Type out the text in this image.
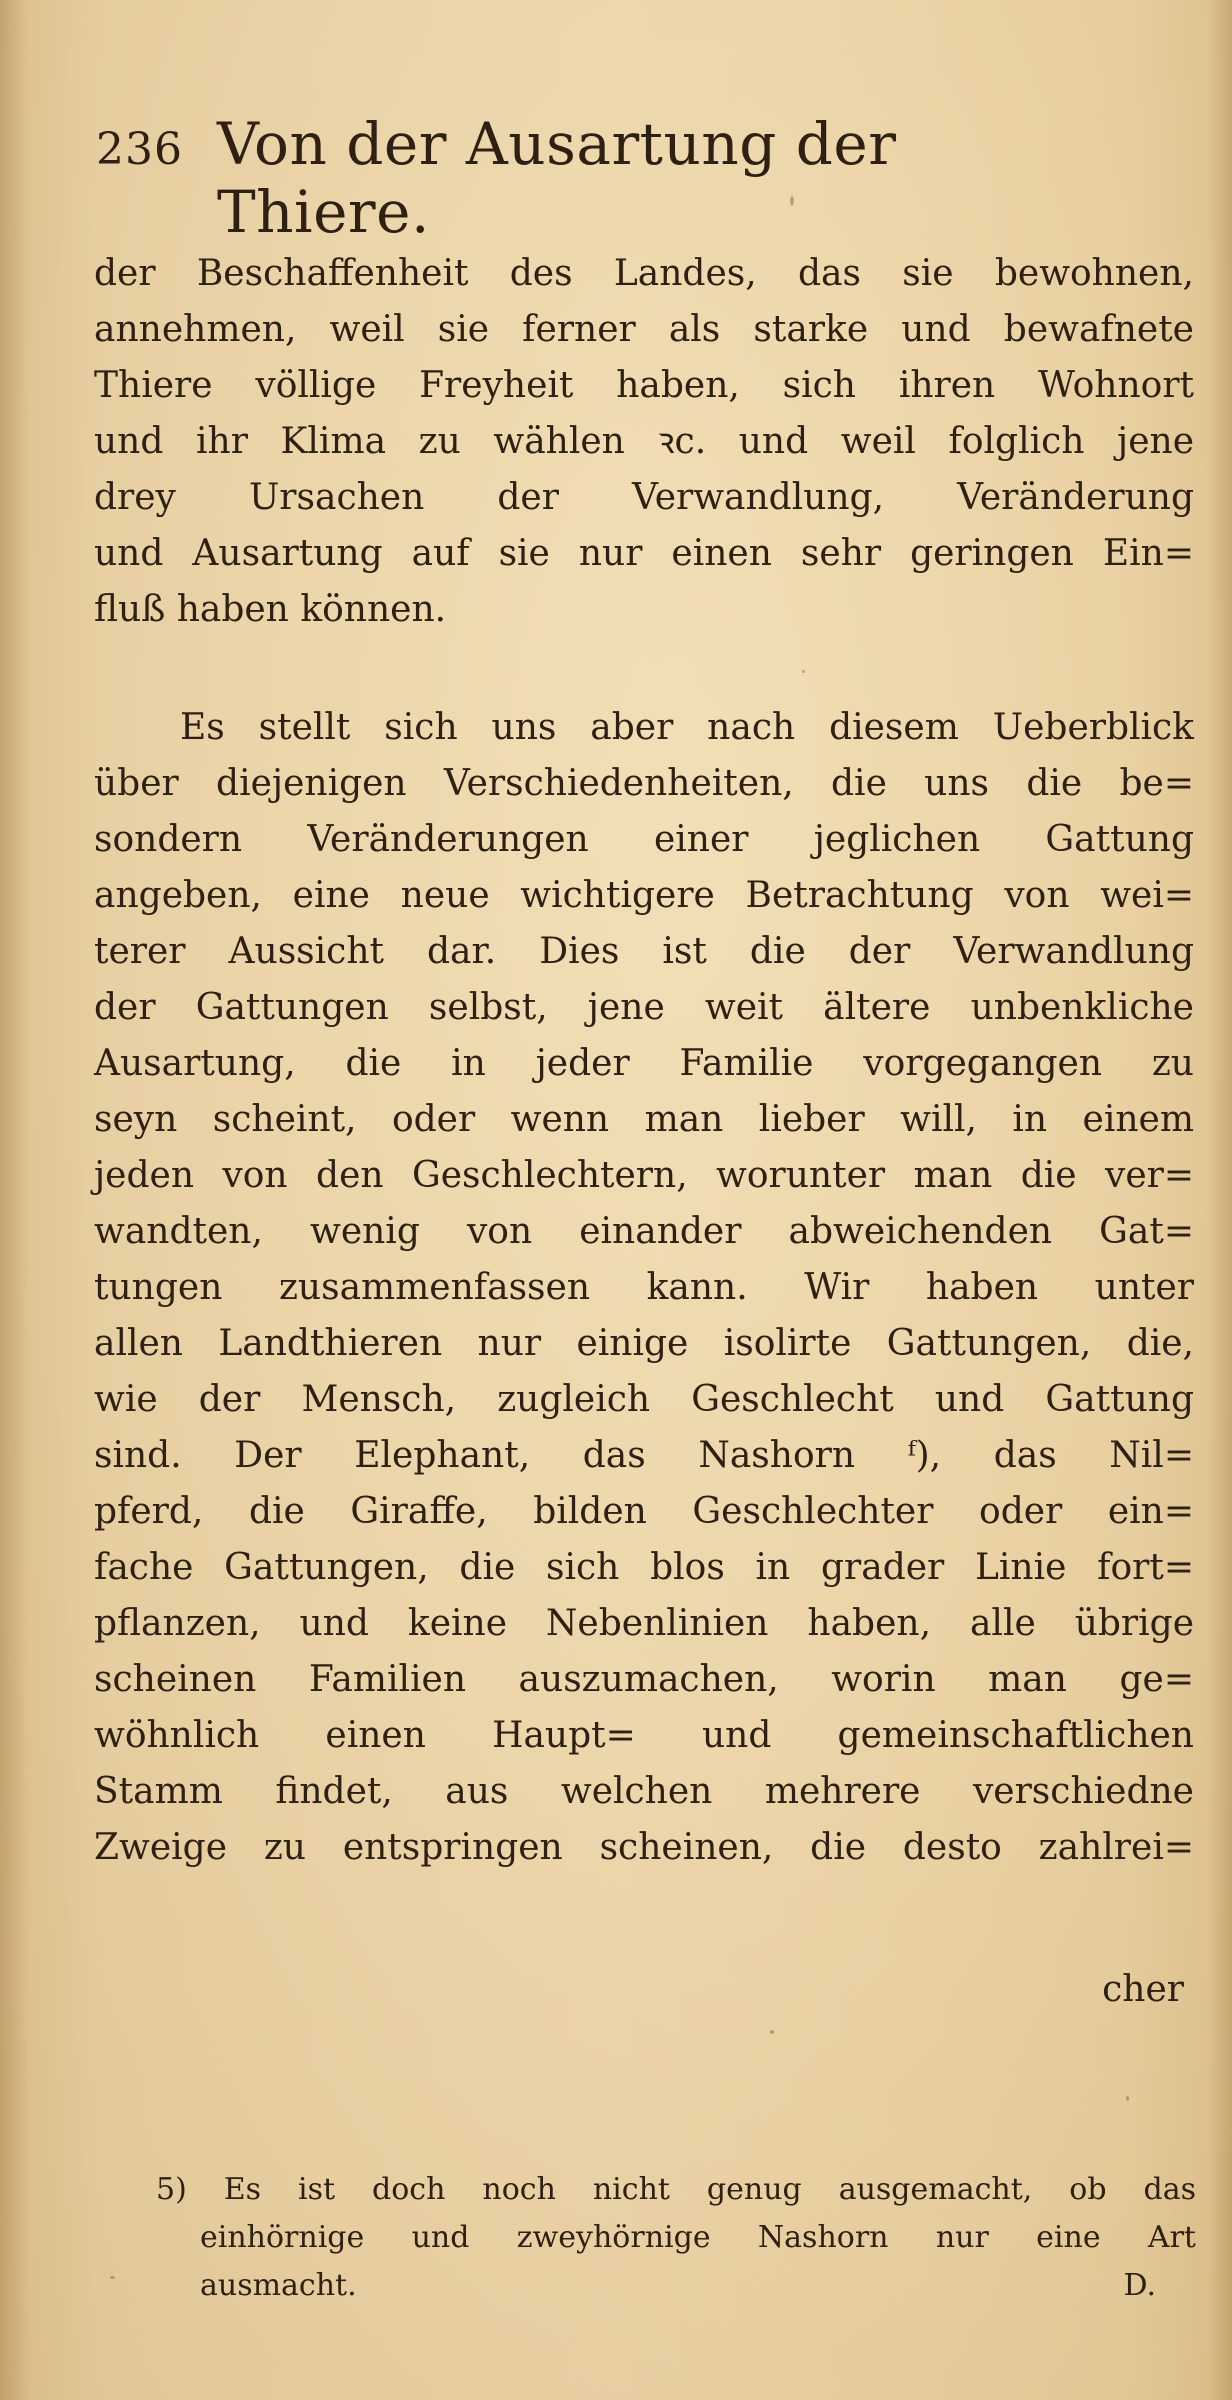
236 Von der Ausartung der Thiere.
der Beschaffenheit des Landes, das sie bewohnen,
annehmen, weil sie ferner als starke und bewafnete
Thiere völlige Freyheit haben, sich ihren Wohnort
und ihr Klima zu wählen ꝛc. und weil folglich jene
drey Ursachen der Verwandlung, Veränderung
und Ausartung auf sie nur einen sehr geringen Ein=
fluß haben können.
Es stellt sich uns aber nach diesem Ueberblick
über diejenigen Verschiedenheiten, die uns die be=
sondern Veränderungen einer jeglichen Gattung
angeben, eine neue wichtigere Betrachtung von wei=
terer Aussicht dar. Dies ist die der Verwandlung
der Gattungen selbst, jene weit ältere unbenkliche
Ausartung, die in jeder Familie vorgegangen zu
seyn scheint, oder wenn man lieber will, in einem
jeden von den Geschlechtern, worunter man die ver=
wandten, wenig von einander abweichenden Gat=
tungen zusammenfassen kann. Wir haben unter
allen Landthieren nur einige isolirte Gattungen, die,
wie der Mensch, zugleich Geschlecht und Gattung
sind. Der Elephant, das Nashorn ᶠ), das Nil=
pferd, die Giraffe, bilden Geschlechter oder ein=
fache Gattungen, die sich blos in grader Linie fort=
pflanzen, und keine Nebenlinien haben, alle übrige
scheinen Familien auszumachen, worin man ge=
wöhnlich einen Haupt= und gemeinschaftlichen
Stamm findet, aus welchen mehrere verschiedne
Zweige zu entspringen scheinen, die desto zahlrei=
cher
5) Es ist doch noch nicht genug ausgemacht, ob das
einhörnige und zweyhörnige Nashorn nur eine Art
ausmacht.	D.
